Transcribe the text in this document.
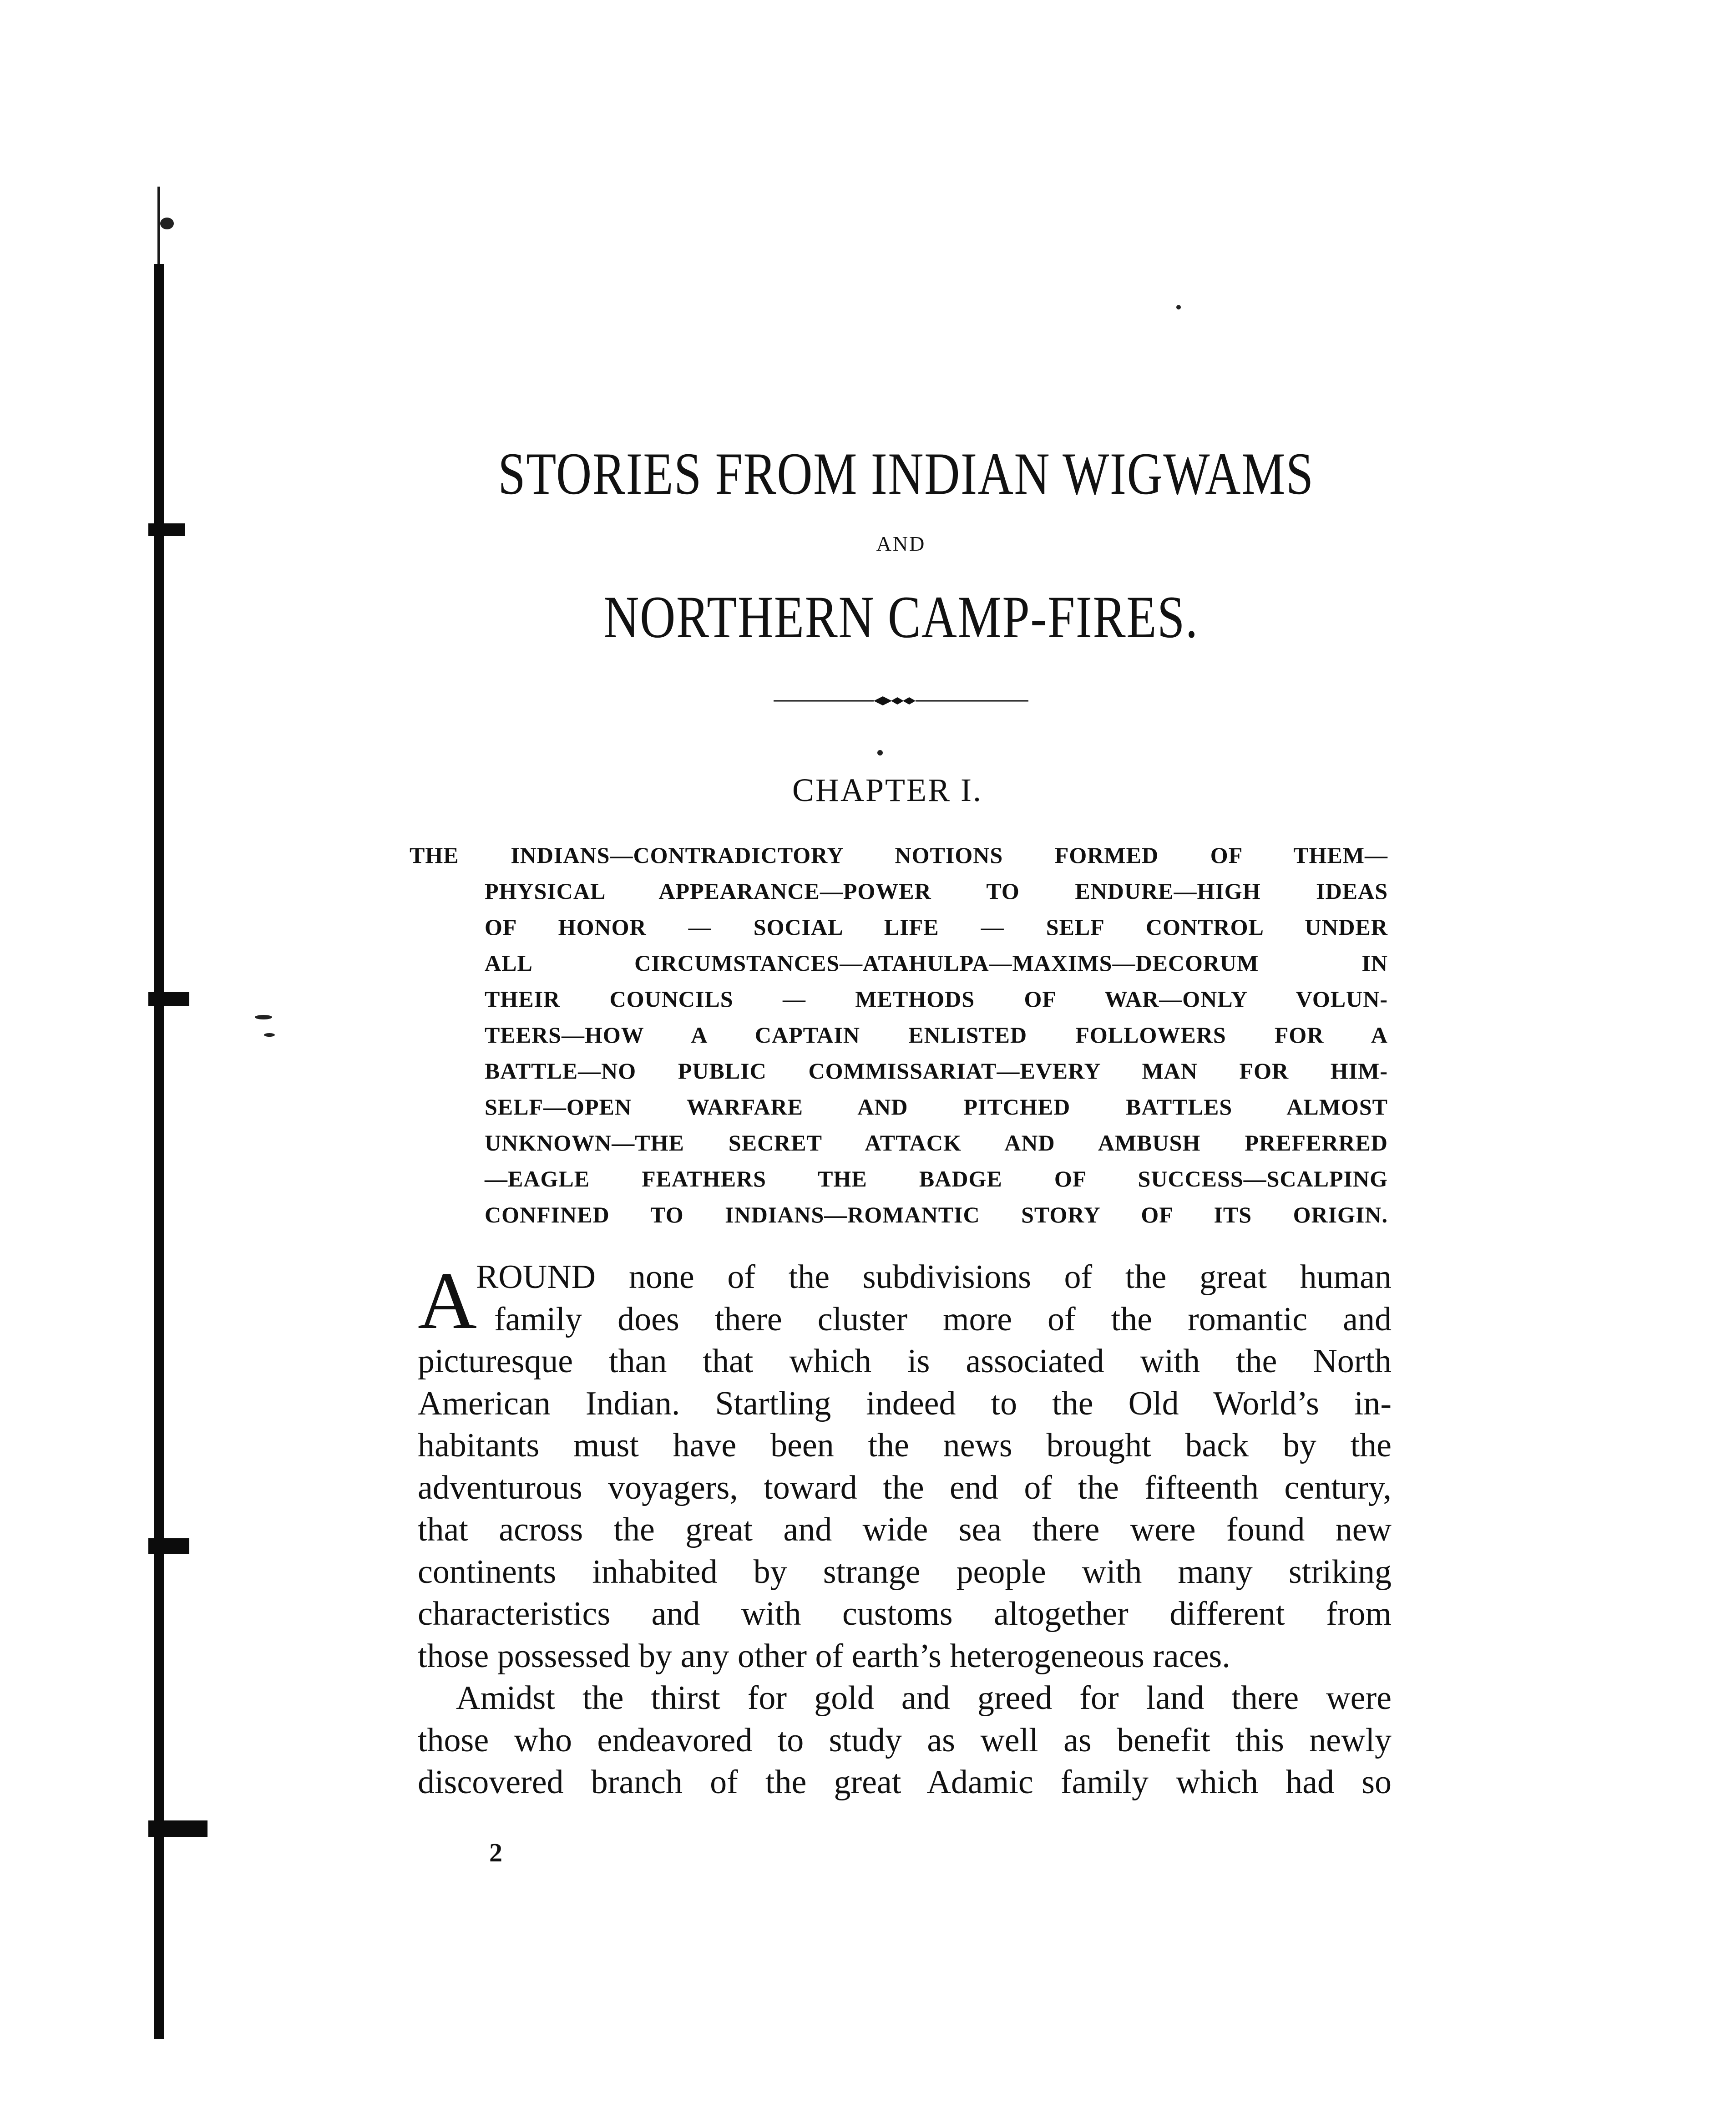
STORIES FROM INDIAN WIGWAMS
AND
NORTHERN CAMP-FIRES.
CHAPTER I.
THE INDIANS—CONTRADICTORY NOTIONS FORMED OF THEM—
PHYSICAL APPEARANCE—POWER TO ENDURE—HIGH IDEAS
OF HONOR — SOCIAL LIFE — SELF CONTROL UNDER
ALL CIRCUMSTANCES—ATAHULPA—MAXIMS—DECORUM IN
THEIR COUNCILS — METHODS OF WAR—ONLY VOLUN-
TEERS—HOW A CAPTAIN ENLISTED FOLLOWERS FOR A
BATTLE—NO PUBLIC COMMISSARIAT—EVERY MAN FOR HIM-
SELF—OPEN WARFARE AND PITCHED BATTLES ALMOST
UNKNOWN—THE SECRET ATTACK AND AMBUSH PREFERRED
—EAGLE FEATHERS THE BADGE OF SUCCESS—SCALPING
CONFINED TO INDIANS—ROMANTIC STORY OF ITS ORIGIN.
A
ROUND none of the subdivisions of the great human
family does there cluster more of the romantic and
picturesque than that which is associated with the North
American Indian. Startling indeed to the Old World’s in-
habitants must have been the news brought back by the
adventurous voyagers, toward the end of the fifteenth century,
that across the great and wide sea there were found new
continents inhabited by strange people with many striking
characteristics and with customs altogether different from
those possessed by any other of earth’s heterogeneous races.
Amidst the thirst for gold and greed for land there were
those who endeavored to study as well as benefit this newly
discovered branch of the great Adamic family which had so
2
